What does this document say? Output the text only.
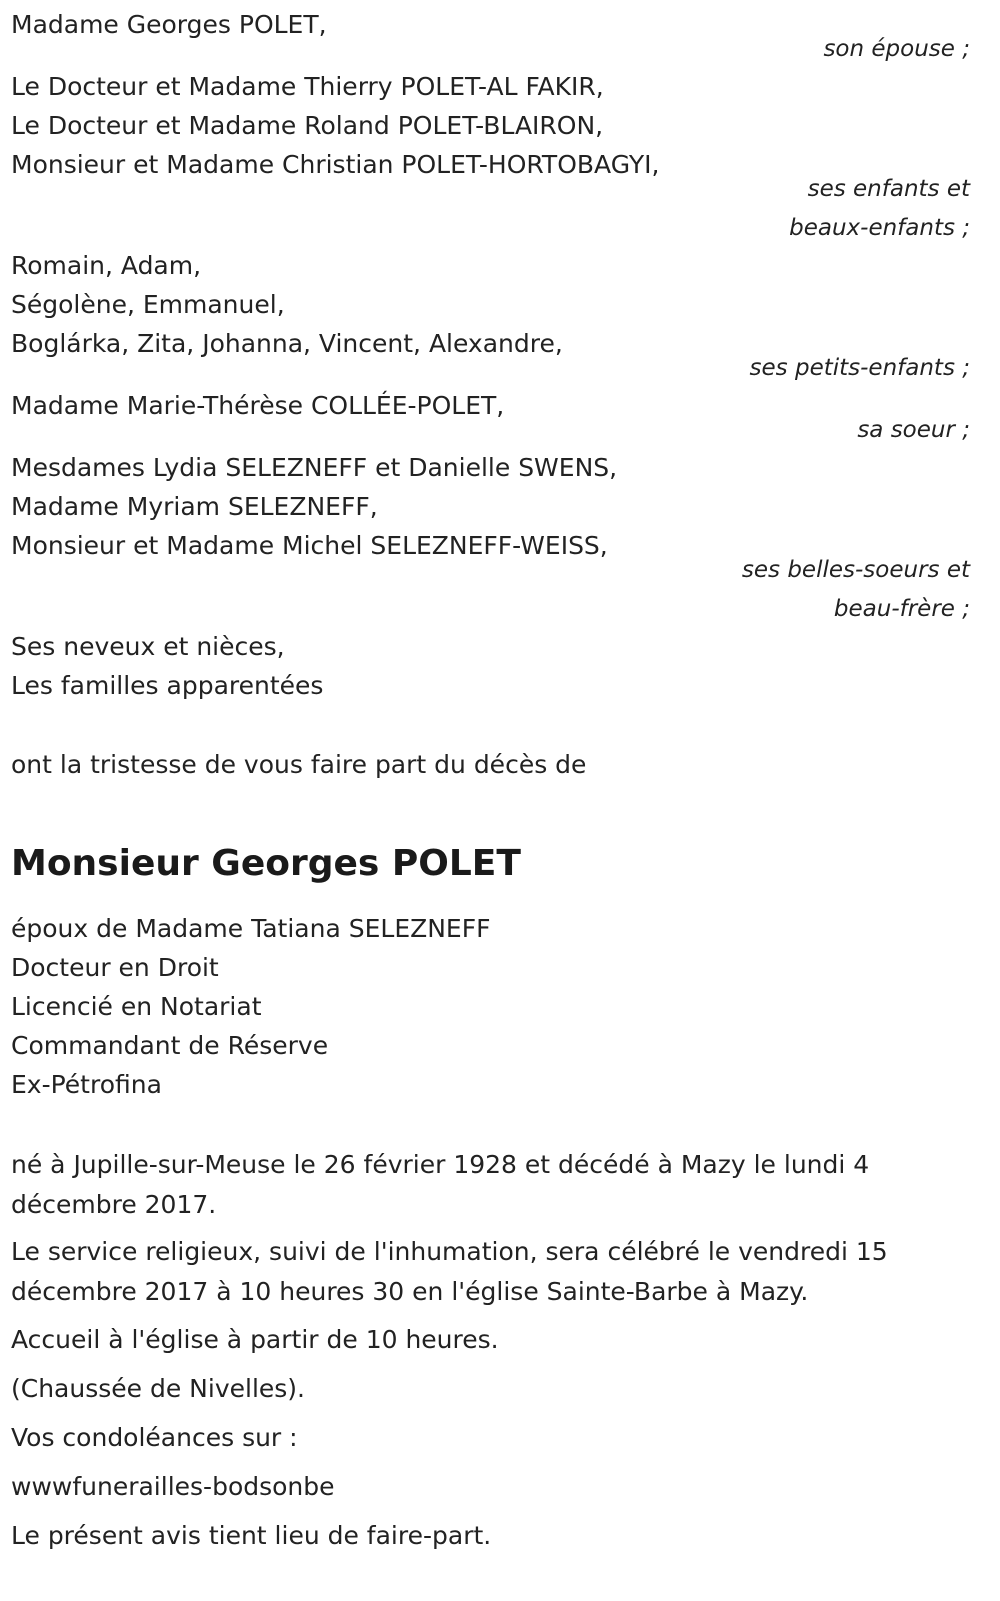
Madame Georges POLET,

son épouse ;

Le Docteur et Madame Thierry POLET-AL FAKIR,

Le Docteur et Madame Roland POLET-BLAIRON,

Monsieur et Madame Christian POLET-HORTOBAGYI,

ses enfants et

beaux-enfants ;

Romain, Adam,

Ségolène, Emmanuel,

Boglárka, Zita, Johanna, Vincent, Alexandre,

ses petits-enfants ;

Madame Marie-Thérèse COLLÉE-POLET,

sa soeur ;

Mesdames Lydia SELEZNEFF et Danielle SWENS,

Madame Myriam SELEZNEFF,

Monsieur et Madame Michel SELEZNEFF-WEISS,

ses belles-soeurs et

beau-frère ;

Ses neveux et nièces,

Les familles apparentées

ont la tristesse de vous faire part du décès de

Monsieur Georges POLET

époux de Madame Tatiana SELEZNEFF

Docteur en Droit

Licencié en Notariat

Commandant de Réserve

Ex-Pétrofina

né à Jupille-sur-Meuse le 26 février 1928 et décédé à Mazy le lundi 4 décembre 2017.

Le service religieux, suivi de l'inhumation, sera célébré le vendredi 15 décembre 2017 à 10 heures 30 en l'église Sainte-Barbe à Mazy.

Accueil à l'église à partir de 10 heures.

(Chaussée de Nivelles).

Vos condoléances sur :

wwwfunerailles-bodsonbe

Le présent avis tient lieu de faire-part.
